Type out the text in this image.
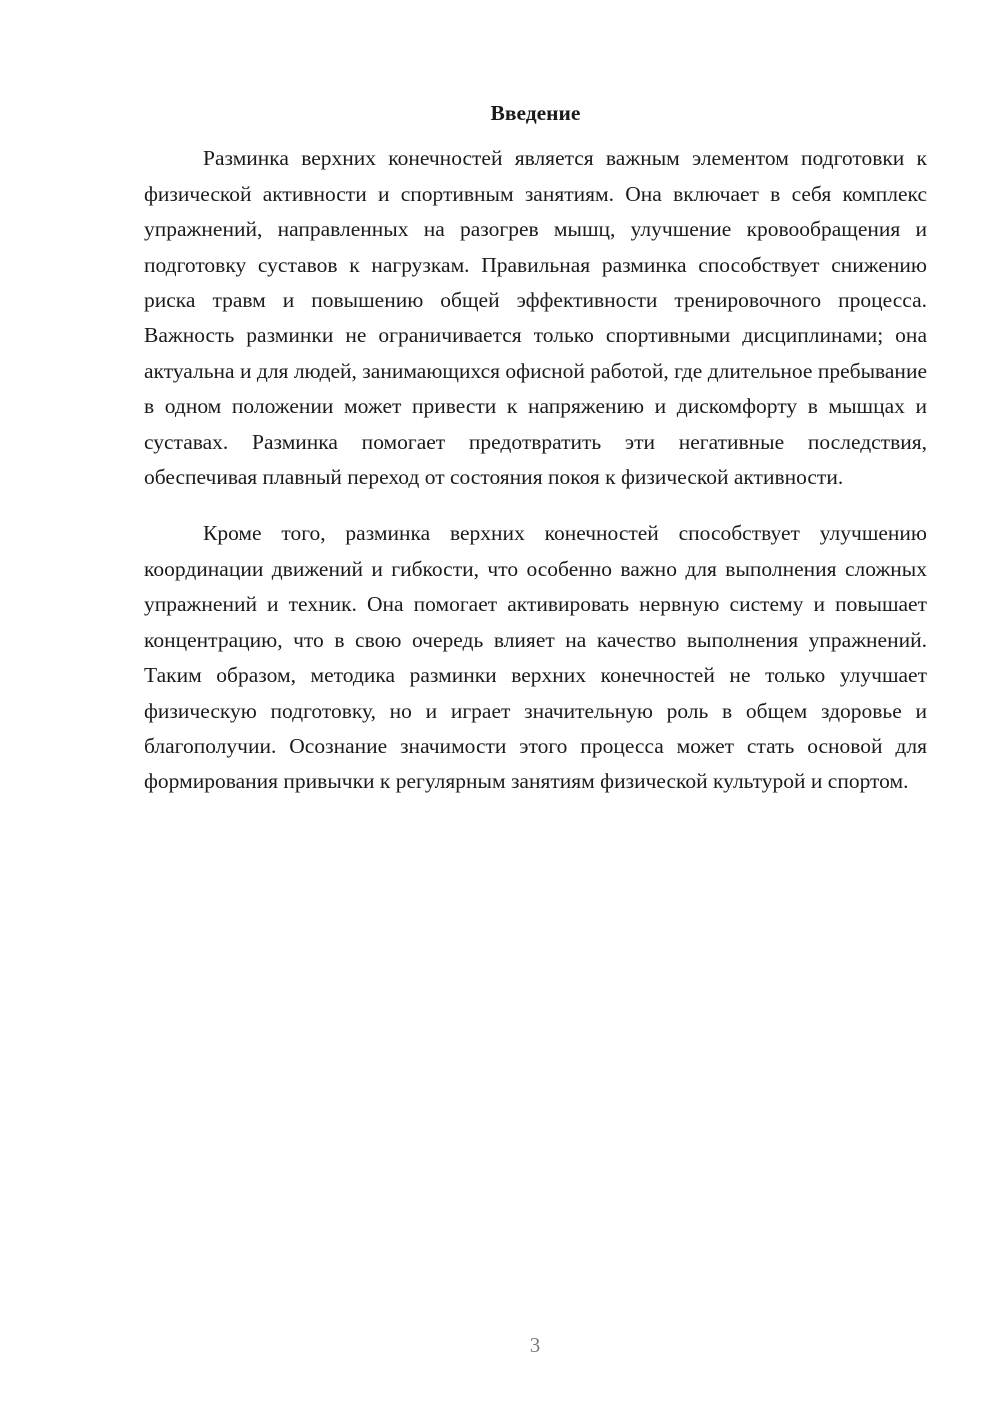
Введение

Разминка верхних конечностей является важным элементом подготовки к физической активности и спортивным занятиям. Она включает в себя комплекс упражнений, направленных на разогрев мышц, улучшение кровообращения и подготовку суставов к нагрузкам. Правильная разминка способствует снижению риска травм и повышению общей эффективности тренировочного процесса. Важность разминки не ограничивается только спортивными дисциплинами; она актуальна и для людей, занимающихся офисной работой, где длительное пребывание в одном положении может привести к напряжению и дискомфорту в мышцах и суставах. Разминка помогает предотвратить эти негативные последствия, обеспечивая плавный переход от состояния покоя к физической активности.

Кроме того, разминка верхних конечностей способствует улучшению координации движений и гибкости, что особенно важно для выполнения сложных упражнений и техник. Она помогает активировать нервную систему и повышает концентрацию, что в свою очередь влияет на качество выполнения упражнений. Таким образом, методика разминки верхних конечностей не только улучшает физическую подготовку, но и играет значительную роль в общем здоровье и благополучии. Осознание значимости этого процесса может стать основой для формирования привычки к регулярным занятиям физической культурой и спортом.

3
